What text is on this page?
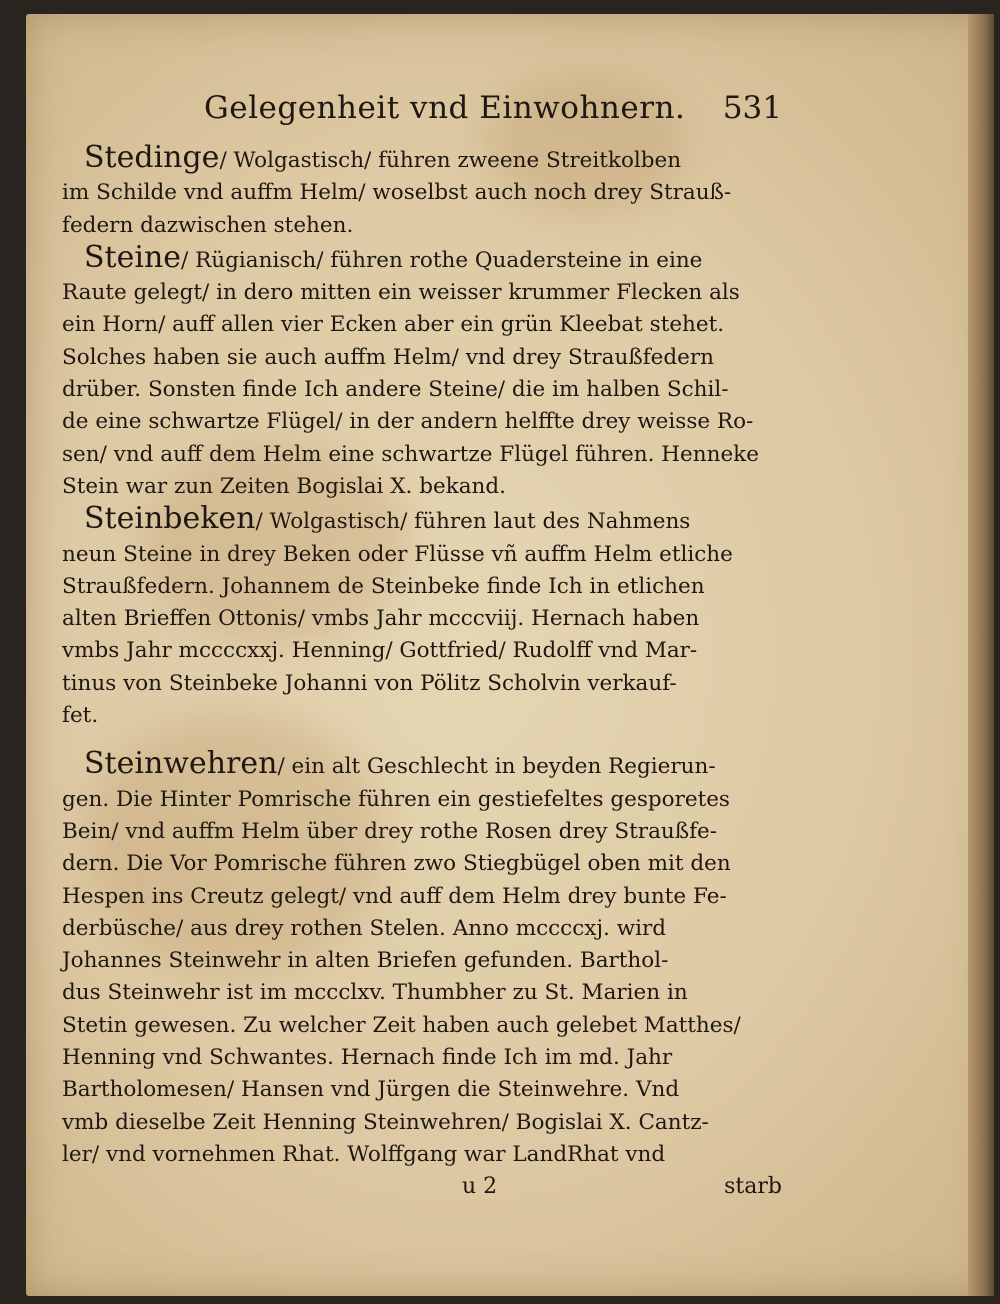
Gelegenheit vnd Einwohnern. 531
Stedinge/ Wolgastisch/ führen zweene Streitkolben
im Schilde vnd auffm Helm/ woselbst auch noch drey Strauß-
federn dazwischen stehen.
Steine/ Rügianisch/ führen rothe Quadersteine in eine
Raute gelegt/ in dero mitten ein weisser krummer Flecken als
ein Horn/ auff allen vier Ecken aber ein grün Kleebat stehet.
Solches haben sie auch auffm Helm/ vnd drey Straußfedern
drüber. Sonsten finde Ich andere Steine/ die im halben Schil-
de eine schwartze Flügel/ in der andern helffte drey weisse Ro-
sen/ vnd auff dem Helm eine schwartze Flügel führen. Henneke
Stein war zun Zeiten Bogislai X. bekand.
Steinbeken/ Wolgastisch/ führen laut des Nahmens
neun Steine in drey Beken oder Flüsse vñ auffm Helm etliche
Straußfedern. Johannem de Steinbeke finde Ich in etlichen
alten Brieffen Ottonis/ vmbs Jahr mcccviij. Hernach haben
vmbs Jahr mccccxxj. Henning/ Gottfried/ Rudolff vnd Mar-
tinus von Steinbeke Johanni von Pölitz Scholvin verkauf-
fet.
Steinwehren/ ein alt Geschlecht in beyden Regierun-
gen. Die Hinter Pomrische führen ein gestiefeltes gesporetes
Bein/ vnd auffm Helm über drey rothe Rosen drey Straußfe-
dern. Die Vor Pomrische führen zwo Stiegbügel oben mit den
Hespen ins Creutz gelegt/ vnd auff dem Helm drey bunte Fe-
derbüsche/ aus drey rothen Stelen. Anno mccccxj. wird
Johannes Steinwehr in alten Briefen gefunden. Barthol-
dus Steinwehr ist im mccclxv. Thumbher zu St. Marien in
Stetin gewesen. Zu welcher Zeit haben auch gelebet Matthes/
Henning vnd Schwantes. Hernach finde Ich im md. Jahr
Bartholomesen/ Hansen vnd Jürgen die Steinwehre. Vnd
vmb dieselbe Zeit Henning Steinwehren/ Bogislai X. Cantz-
ler/ vnd vornehmen Rhat. Wolffgang war LandRhat vnd
u 2	starb
